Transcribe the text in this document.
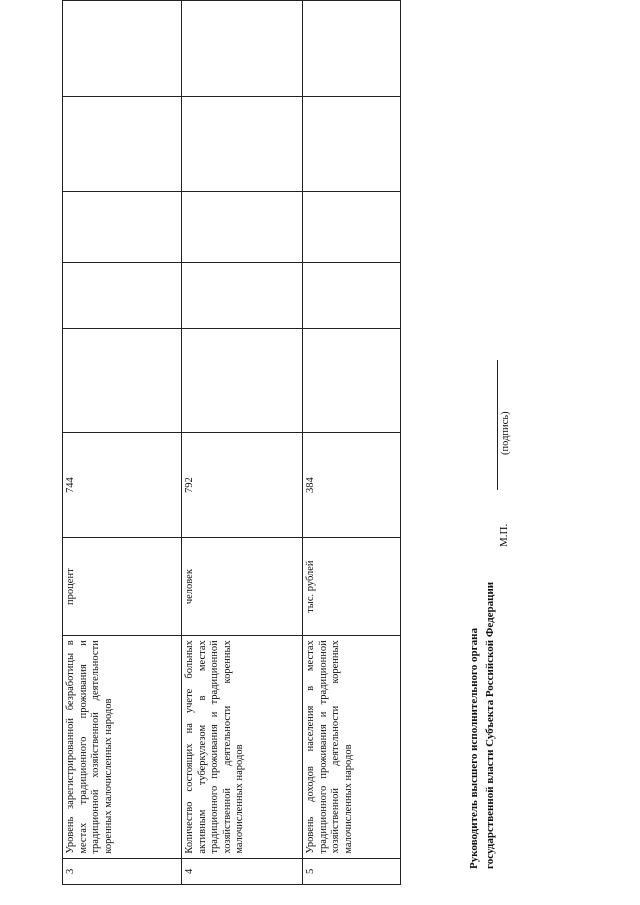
3	Уровень зарегистрированной безработицы в местах традиционного проживания и традиционной хозяйственной деятельности коренных малочисленных народов	процент	744					
4	Количество состоящих на учете больных активным туберкулезом в местах традиционного проживания и традиционной хозяйственной деятельности коренных малочисленных народов	человек	792					
5	Уровень доходов населения в местах традиционного проживания и традиционной хозяйственной деятельности коренных малочисленных народов	тыс. рублей	384					
Руководитель высшего исполнительного органа государственной власти Субъекта Российской Федерации
М.П.
(подпись)
